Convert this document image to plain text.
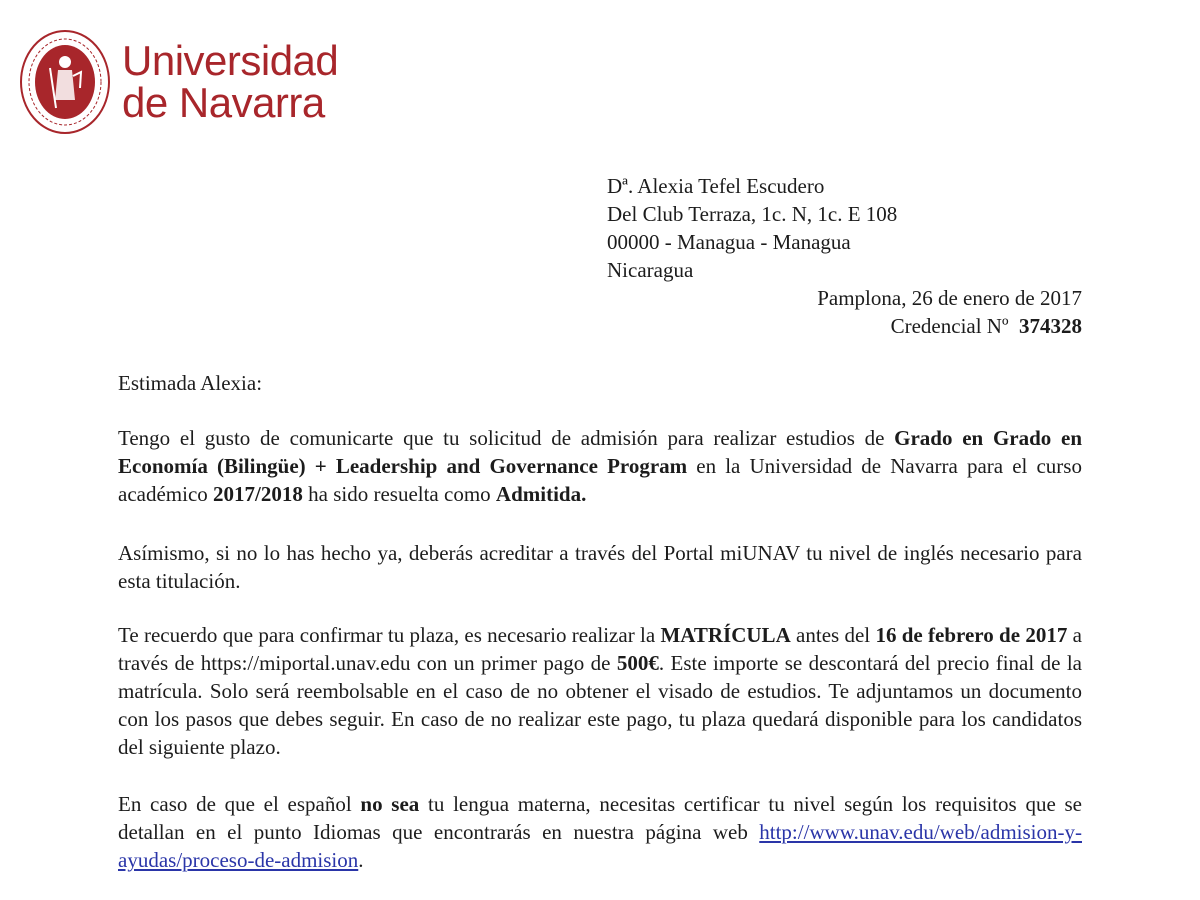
Universidad
de Navarra
Dª. Alexia Tefel Escudero
Del Club Terraza, 1c. N, 1c. E 108
00000 - Managua - Managua
Nicaragua
Pamplona, 26 de enero de 2017
Credencial Nº 374328
Estimada Alexia:
Tengo el gusto de comunicarte que tu solicitud de admisión para realizar estudios de Grado en Grado en Economía (Bilingüe) + Leadership and Governance Program en la Universidad de Navarra para el curso académico 2017/2018 ha sido resuelta como Admitida.
Asímismo, si no lo has hecho ya, deberás acreditar a través del Portal miUNAV tu nivel de inglés necesario para esta titulación.
Te recuerdo que para confirmar tu plaza, es necesario realizar la MATRÍCULA antes del 16 de febrero de 2017 a través de https://miportal.unav.edu con un primer pago de 500€. Este importe se descontará del precio final de la matrícula. Solo será reembolsable en el caso de no obtener el visado de estudios. Te adjuntamos un documento con los pasos que debes seguir. En caso de no realizar este pago, tu plaza quedará disponible para los candidatos del siguiente plazo.
En caso de que el español no sea tu lengua materna, necesitas certificar tu nivel según los requisitos que se detallan en el punto Idiomas que encontrarás en nuestra página web http://www.unav.edu/web/admision-y-ayudas/proceso-de-admision.
